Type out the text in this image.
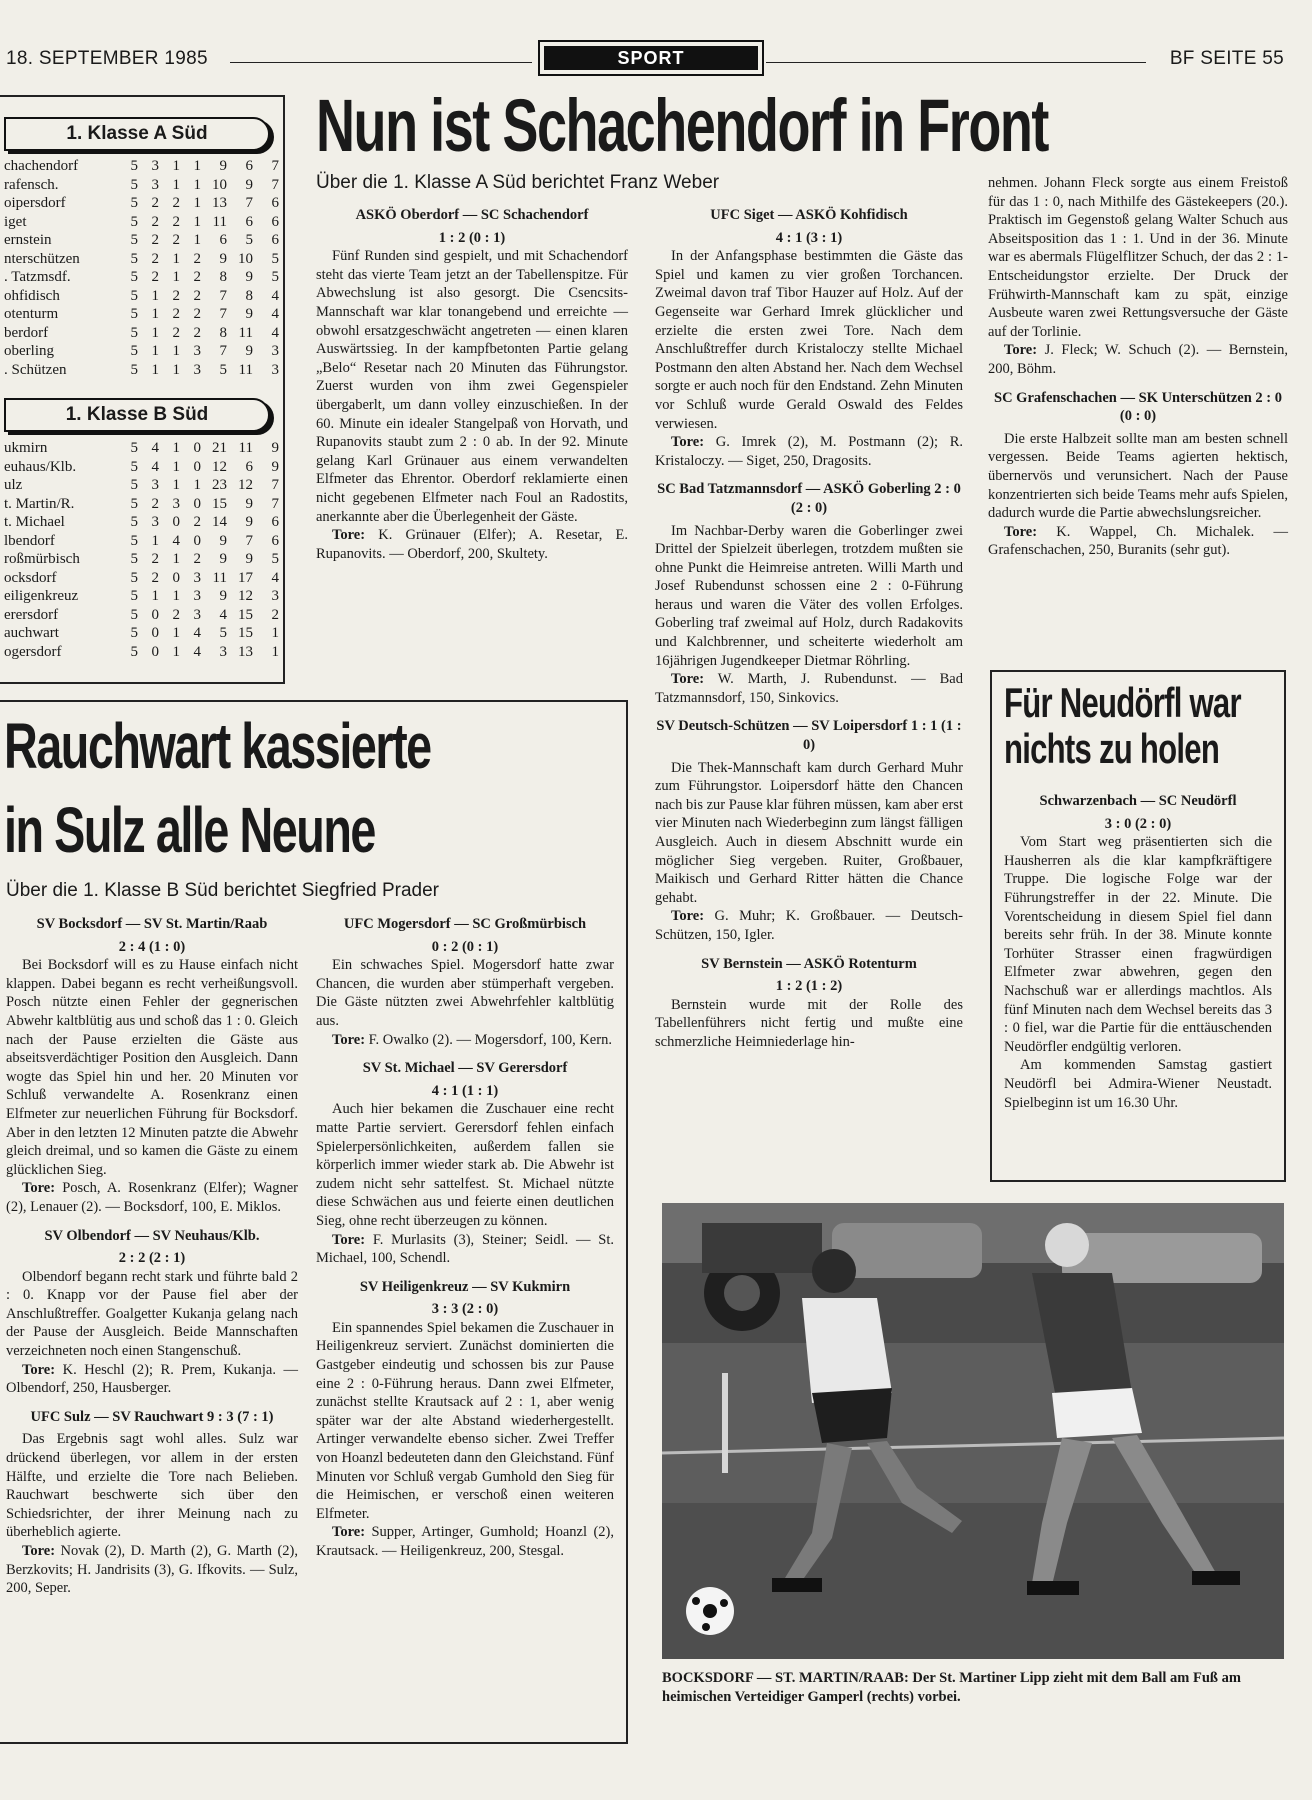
18. SEPTEMBER 1985	SPORT	BF SEITE 55
1. Klasse A Süd
chachendorf	5	3	1	1	9	6	7
rafensch.	5	3	1	1	10	9	7
oipersdorf	5	2	2	1	13	7	6
iget	5	2	2	1	11	6	6
ernstein	5	2	2	1	6	5	6
nterschützen	5	2	1	2	9	10	5
. Tatzmsdf.	5	2	1	2	8	9	5
ohfidisch	5	1	2	2	7	8	4
otenturm	5	1	2	2	7	9	4
berdorf	5	1	2	2	8	11	4
oberling	5	1	1	3	7	9	3
. Schützen	5	1	1	3	5	11	3
1. Klasse B Süd
ukmirn	5	4	1	0	21	11	9
euhaus/Klb.	5	4	1	0	12	6	9
ulz	5	3	1	1	23	12	7
t. Martin/R.	5	2	3	0	15	9	7
t. Michael	5	3	0	2	14	9	6
lbendorf	5	1	4	0	9	7	6
roßmürbisch	5	2	1	2	9	9	5
ocksdorf	5	2	0	3	11	17	4
eiligenkreuz	5	1	1	3	9	12	3
erersdorf	5	0	2	3	4	15	2
auchwart	5	0	1	4	5	15	1
ogersdorf	5	0	1	4	3	13	1
Nun ist Schachendorf in Front
Über die 1. Klasse A Süd berichtet Franz Weber

ASKÖ Oberdorf — SC Schachendorf

1 : 2 (0 : 1)

Fünf Runden sind gespielt, und mit Schachendorf steht das vierte Team jetzt an der Tabellenspitze. Für Abwechslung ist also gesorgt. Die Csencsits-Mannschaft war klar tonangebend und erreichte — obwohl ersatzgeschwächt angetreten — einen klaren Auswärtssieg. In der kampfbetonten Partie gelang „Belo“ Resetar nach 20 Minuten das Führungstor. Zuerst wurden von ihm zwei Gegenspieler übergaberlt, um dann volley einzuschießen. In der 60. Minute ein idealer Stangelpaß von Horvath, und Rupanovits staubt zum 2 : 0 ab. In der 92. Minute gelang Karl Grünauer aus einem verwandelten Elfmeter das Ehrentor. Oberdorf reklamierte einen nicht gegebenen Elfmeter nach Foul an Radostits, anerkannte aber die Überlegenheit der Gäste.

Tore: K. Grünauer (Elfer); A. Resetar, E. Rupanovits. — Oberdorf, 200, Skultety.

UFC Siget — ASKÖ Kohfidisch

4 : 1 (3 : 1)

In der Anfangsphase bestimmten die Gäste das Spiel und kamen zu vier großen Torchancen. Zweimal davon traf Tibor Hauzer auf Holz. Auf der Gegenseite war Gerhard Imrek glücklicher und erzielte die ersten zwei Tore. Nach dem Anschlußtreffer durch Kristaloczy stellte Michael Postmann den alten Abstand her. Nach dem Wechsel sorgte er auch noch für den Endstand. Zehn Minuten vor Schluß wurde Gerald Oswald des Feldes verwiesen.

Tore: G. Imrek (2), M. Postmann (2); R. Kristaloczy. — Siget, 250, Dragosits.

SC Bad Tatzmannsdorf — ASKÖ Goberling 2 : 0 (2 : 0)

Im Nachbar-Derby waren die Goberlinger zwei Drittel der Spielzeit überlegen, trotzdem mußten sie ohne Punkt die Heimreise antreten. Willi Marth und Josef Rubendunst schossen eine 2 : 0-Führung heraus und waren die Väter des vollen Erfolges. Goberling traf zweimal auf Holz, durch Radakovits und Kalchbrenner, und scheiterte wiederholt am 16jährigen Jugendkeeper Dietmar Röhrling.

Tore: W. Marth, J. Rubendunst. — Bad Tatzmannsdorf, 150, Sinkovics.

SV Deutsch-Schützen — SV Loipersdorf 1 : 1 (1 : 0)

Die Thek-Mannschaft kam durch Gerhard Muhr zum Führungstor. Loipersdorf hätte den Chancen nach bis zur Pause klar führen müssen, kam aber erst vier Minuten nach Wiederbeginn zum längst fälligen Ausgleich. Auch in diesem Abschnitt wurde ein möglicher Sieg vergeben. Ruiter, Großbauer, Maikisch und Gerhard Ritter hätten die Chance gehabt.

Tore: G. Muhr; K. Großbauer. — Deutsch-Schützen, 150, Igler.

SV Bernstein — ASKÖ Rotenturm

1 : 2 (1 : 2)

Bernstein wurde mit der Rolle des Tabellenführers nicht fertig und mußte eine schmerzliche Heimniederlage hin-

nehmen. Johann Fleck sorgte aus einem Freistoß für das 1 : 0, nach Mithilfe des Gästekeepers (20.). Praktisch im Gegenstoß gelang Walter Schuch aus Abseitsposition das 1 : 1. Und in der 36. Minute war es abermals Flügelflitzer Schuch, der das 2 : 1-Entscheidungstor erzielte. Der Druck der Frühwirth-Mannschaft kam zu spät, einzige Ausbeute waren zwei Rettungsversuche der Gäste auf der Torlinie.

Tore: J. Fleck; W. Schuch (2). — Bernstein, 200, Böhm.

SC Grafenschachen — SK Unterschützen 2 : 0 (0 : 0)

Die erste Halbzeit sollte man am besten schnell vergessen. Beide Teams agierten hektisch, übernervös und verunsichert. Nach der Pause konzentrierten sich beide Teams mehr aufs Spielen, dadurch wurde die Partie abwechslungsreicher.

Tore: K. Wappel, Ch. Michalek. — Grafenschachen, 250, Buranits (sehr gut).

Für Neudörfl war
nichts zu holen

Schwarzenbach — SC Neudörfl

3 : 0 (2 : 0)

Vom Start weg präsentierten sich die Hausherren als die klar kampfkräftigere Truppe. Die logische Folge war der Führungstreffer in der 22. Minute. Die Vorentscheidung in diesem Spiel fiel dann bereits sehr früh. In der 38. Minute konnte Torhüter Strasser einen fragwürdigen Elfmeter zwar abwehren, gegen den Nachschuß war er allerdings machtlos. Als fünf Minuten nach dem Wechsel bereits das 3 : 0 fiel, war die Partie für die enttäuschenden Neudörfler endgültig verloren.

Am kommenden Samstag gastiert Neudörfl bei Admira-Wiener Neustadt. Spielbeginn ist um 16.30 Uhr.

Rauchwart kassierte
in Sulz alle Neune
Über die 1. Klasse B Süd berichtet Siegfried Prader

SV Bocksdorf — SV St. Martin/Raab

2 : 4 (1 : 0)

Bei Bocksdorf will es zu Hause einfach nicht klappen. Dabei begann es recht verheißungsvoll. Posch nützte einen Fehler der gegnerischen Abwehr kaltblütig aus und schoß das 1 : 0. Gleich nach der Pause erzielten die Gäste aus abseitsverdächtiger Position den Ausgleich. Dann wogte das Spiel hin und her. 20 Minuten vor Schluß verwandelte A. Rosenkranz einen Elfmeter zur neuerlichen Führung für Bocksdorf. Aber in den letzten 12 Minuten patzte die Abwehr gleich dreimal, und so kamen die Gäste zu einem glücklichen Sieg.

Tore: Posch, A. Rosenkranz (Elfer); Wagner (2), Lenauer (2). — Bocksdorf, 100, E. Miklos.

SV Olbendorf — SV Neuhaus/Klb.

2 : 2 (2 : 1)

Olbendorf begann recht stark und führte bald 2 : 0. Knapp vor der Pause fiel aber der Anschlußtreffer. Goalgetter Kukanja gelang nach der Pause der Ausgleich. Beide Mannschaften verzeichneten noch einen Stangenschuß.

Tore: K. Heschl (2); R. Prem, Kukanja. — Olbendorf, 250, Hausberger.

UFC Sulz — SV Rauchwart 9 : 3 (7 : 1)

Das Ergebnis sagt wohl alles. Sulz war drückend überlegen, vor allem in der ersten Hälfte, und erzielte die Tore nach Belieben. Rauchwart beschwerte sich über den Schiedsrichter, der ihrer Meinung nach zu überheblich agierte.

Tore: Novak (2), D. Marth (2), G. Marth (2), Berzkovits; H. Jandrisits (3), G. Ifkovits. — Sulz, 200, Seper.

UFC Mogersdorf — SC Großmürbisch

0 : 2 (0 : 1)

Ein schwaches Spiel. Mogersdorf hatte zwar Chancen, die wurden aber stümperhaft vergeben. Die Gäste nützten zwei Abwehrfehler kaltblütig aus.

Tore: F. Owalko (2). — Mogersdorf, 100, Kern.

SV St. Michael — SV Gerersdorf

4 : 1 (1 : 1)

Auch hier bekamen die Zuschauer eine recht matte Partie serviert. Gerersdorf fehlen einfach Spielerpersönlichkeiten, außerdem fallen sie körperlich immer wieder stark ab. Die Abwehr ist zudem nicht sehr sattelfest. St. Michael nützte diese Schwächen aus und feierte einen deutlichen Sieg, ohne recht überzeugen zu können.

Tore: F. Murlasits (3), Steiner; Seidl. — St. Michael, 100, Schendl.

SV Heiligenkreuz — SV Kukmirn

3 : 3 (2 : 0)

Ein spannendes Spiel bekamen die Zuschauer in Heiligenkreuz serviert. Zunächst dominierten die Gastgeber eindeutig und schossen bis zur Pause eine 2 : 0-Führung heraus. Dann zwei Elfmeter, zunächst stellte Krautsack auf 2 : 1, aber wenig später war der alte Abstand wiederhergestellt. Artinger verwandelte ebenso sicher. Zwei Treffer von Hoanzl bedeuteten dann den Gleichstand. Fünf Minuten vor Schluß vergab Gumhold den Sieg für die Heimischen, er verschoß einen weiteren Elfmeter.

Tore: Supper, Artinger, Gumhold; Hoanzl (2), Krautsack. — Heiligenkreuz, 200, Stesgal.

BOCKSDORF — ST. MARTIN/RAAB: Der St. Martiner Lipp zieht mit dem Ball am Fuß am heimischen Verteidiger Gamperl (rechts) vorbei.
